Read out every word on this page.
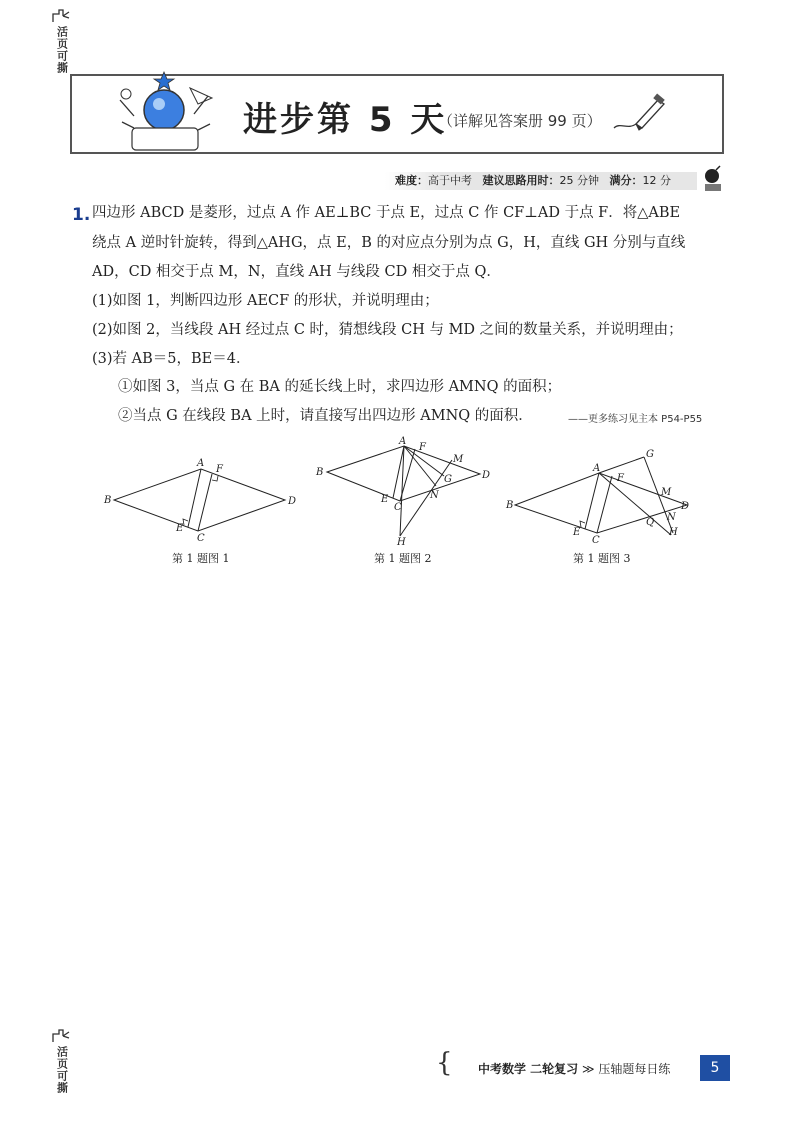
活页可撕
活页可撕
进步第 5 天
（详解见答案册 99 页）
难度：高于中考 建议思路用时：25 分钟 满分：12 分
1. 四边形 ABCD 是菱形，过点 A 作 AE⊥BC 于点 E，过点 C 作 CF⊥AD 于点 F．将△ABE
绕点 A 逆时针旋转，得到△AHG，点 E，B 的对应点分别为点 G，H，直线 GH 分别与直线
AD，CD 相交于点 M，N，直线 AH 与线段 CD 相交于点 Q．
(1)如图 1，判断四边形 AECF 的形状，并说明理由；
(2)如图 2，当线段 AH 经过点 C 时，猜想线段 CH 与 MD 之间的数量关系，并说明理由；
(3)若 AB＝5，BE＝4．
①如图 3，当点 G 在 BA 的延长线上时，求四边形 AMNQ 的面积；
②当点 G 在线段 BA 上时，请直接写出四边形 AMNQ 的面积．	——更多练习见主本 P54-P55
B
A
F
D
E
C
第 1 题图 1
B
A
F
M
D
G
N
E
C
H
第 1 题图 2
B
A
F
G
M
D
N
Q
H
E
C
第 1 题图 3
{ 中考数学 二轮复习 ≫ 压轴题每日练	5
